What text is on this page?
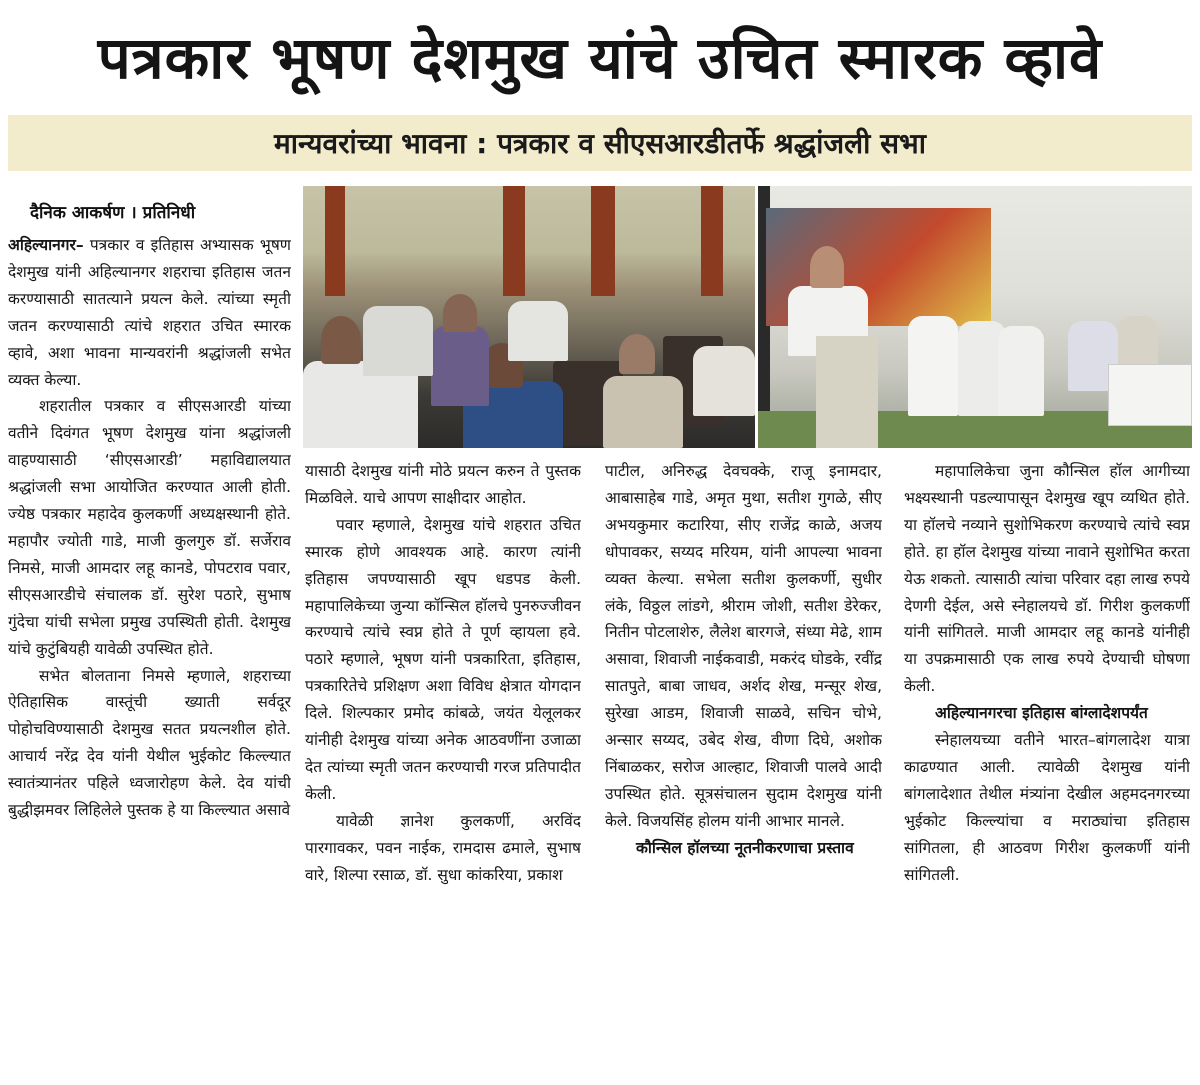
पत्रकार भूषण देशमुख यांचे उचित स्मारक व्हावे
मान्यवरांच्या भावना : पत्रकार व सीएसआरडीतर्फे श्रद्धांजली सभा
दैनिक आकर्षण । प्रतिनिधी

अहिल्यानगर– पत्रकार व इतिहास अभ्यासक भूषण देशमुख यांनी अहिल्यानगर शहराचा इतिहास जतन करण्यासाठी सातत्याने प्रयत्न केले. त्यांच्या स्मृती जतन करण्यासाठी त्यांचे शहरात उचित स्मारक व्हावे, अशा भावना मान्यवरांनी श्रद्धांजली सभेत व्यक्त केल्या.

शहरातील पत्रकार व सीएसआरडी यांच्या वतीने दिवंगत भूषण देशमुख यांना श्रद्धांजली वाहण्यासाठी ‘सीएसआरडी’ महाविद्यालयात श्रद्धांजली सभा आयोजित करण्यात आली होती. ज्येष्ठ पत्रकार महादेव कुलकर्णी अध्यक्षस्थानी होते. महापौर ज्योती गाडे, माजी कुलगुरु डॉ. सर्जेराव निमसे, माजी आमदार लहू कानडे, पोपटराव पवार, सीएसआरडीचे संचालक डॉ. सुरेश पठारे, सुभाष गुंदेचा यांची सभेला प्रमुख उपस्थिती होती. देशमुख यांचे कुटुंबियही यावेळी उपस्थित होते.

सभेत बोलताना निमसे म्हणाले, शहराच्या ऐतिहासिक वास्तूंची ख्याती सर्वदूर पोहोचविण्यासाठी देशमुख सतत प्रयत्नशील होते. आचार्य नरेंद्र देव यांनी येथील भुईकोट किल्ल्यात स्वातंत्र्यानंतर पहिले ध्वजारोहण केले. देव यांची बुद्धीझमवर लिहिलेले पुस्तक हे या किल्ल्यात असावे

यासाठी देशमुख यांनी मोठे प्रयत्न करुन ते पुस्तक मिळविले. याचे आपण साक्षीदार आहोत.

पवार म्हणाले, देशमुख यांचे शहरात उचित स्मारक होणे आवश्यक आहे. कारण त्यांनी इतिहास जपण्यासाठी खूप धडपड केली. महापालिकेच्या जुन्या कॉन्सिल हॉलचे पुनरुज्जीवन करण्याचे त्यांचे स्वप्न होते ते पूर्ण व्हायला हवे. पठारे म्हणाले, भूषण यांनी पत्रकारिता, इतिहास, पत्रकारितेचे प्रशिक्षण अशा विविध क्षेत्रात योगदान दिले. शिल्पकार प्रमोद कांबळे, जयंत येलूलकर यांनीही देशमुख यांच्या अनेक आठवणींना उजाळा देत त्यांच्या स्मृती जतन करण्याची गरज प्रतिपादीत केली.

यावेळी ज्ञानेश कुलकर्णी, अरविंद पारगावकर, पवन नाईक, रामदास ढमाले, सुभाष वारे, शिल्पा रसाळ, डॉ. सुधा कांकरिया, प्रकाश

पाटील, अनिरुद्ध देवचक्के, राजू इनामदार, आबासाहेब गाडे, अमृत मुथा, सतीश गुगळे, सीए अभयकुमार कटारिया, सीए राजेंद्र काळे, अजय धोपावकर, सय्यद मरियम, यांनी आपल्या भावना व्यक्त केल्या. सभेला सतीश कुलकर्णी, सुधीर लंके, विठ्ठल लांडगे, श्रीराम जोशी, सतीश डेरेकर, नितीन पोटलाशेरु, लैलेश बारगजे, संध्या मेढे, शाम असावा, शिवाजी नाईकवाडी, मकरंद घोडके, रवींद्र सातपुते, बाबा जाधव, अर्शद शेख, मन्सूर शेख, सुरेखा आडम, शिवाजी साळवे, सचिन चोभे, अन्सार सय्यद, उबेद शेख, वीणा दिघे, अशोक निंबाळकर, सरोज आल्हाट, शिवाजी पालवे आदी उपस्थित होते. सूत्रसंचालन सुदाम देशमुख यांनी केले. विजयसिंह होलम यांनी आभार मानले.

कौन्सिल हॉलच्या नूतनीकरणाचा प्रस्ताव

महापालिकेचा जुना कौन्सिल हॉल आगीच्या भक्ष्यस्थानी पडल्यापासून देशमुख खूप व्यथित होते. या हॉलचे नव्याने सुशोभिकरण करण्याचे त्यांचे स्वप्न होते. हा हॉल देशमुख यांच्या नावाने सुशोभित करता येऊ शकतो. त्यासाठी त्यांचा परिवार दहा लाख रुपये देणगी देईल, असे स्नेहालयचे डॉ. गिरीश कुलकर्णी यांनी सांगितले. माजी आमदार लहू कानडे यांनीही या उपक्रमासाठी एक लाख रुपये देण्याची घोषणा केली.

अहिल्यानगरचा इतिहास बांग्लादेशपर्यंत

स्नेहालयच्या वतीने भारत–बांगलादेश यात्रा काढण्यात आली. त्यावेळी देशमुख यांनी बांगलादेशात तेथील मंत्र्यांना देखील अहमदनगरच्या भुईकोट किल्ल्यांचा व मराठ्यांचा इतिहास सांगितला, ही आठवण गिरीश कुलकर्णी यांनी सांगितली.
